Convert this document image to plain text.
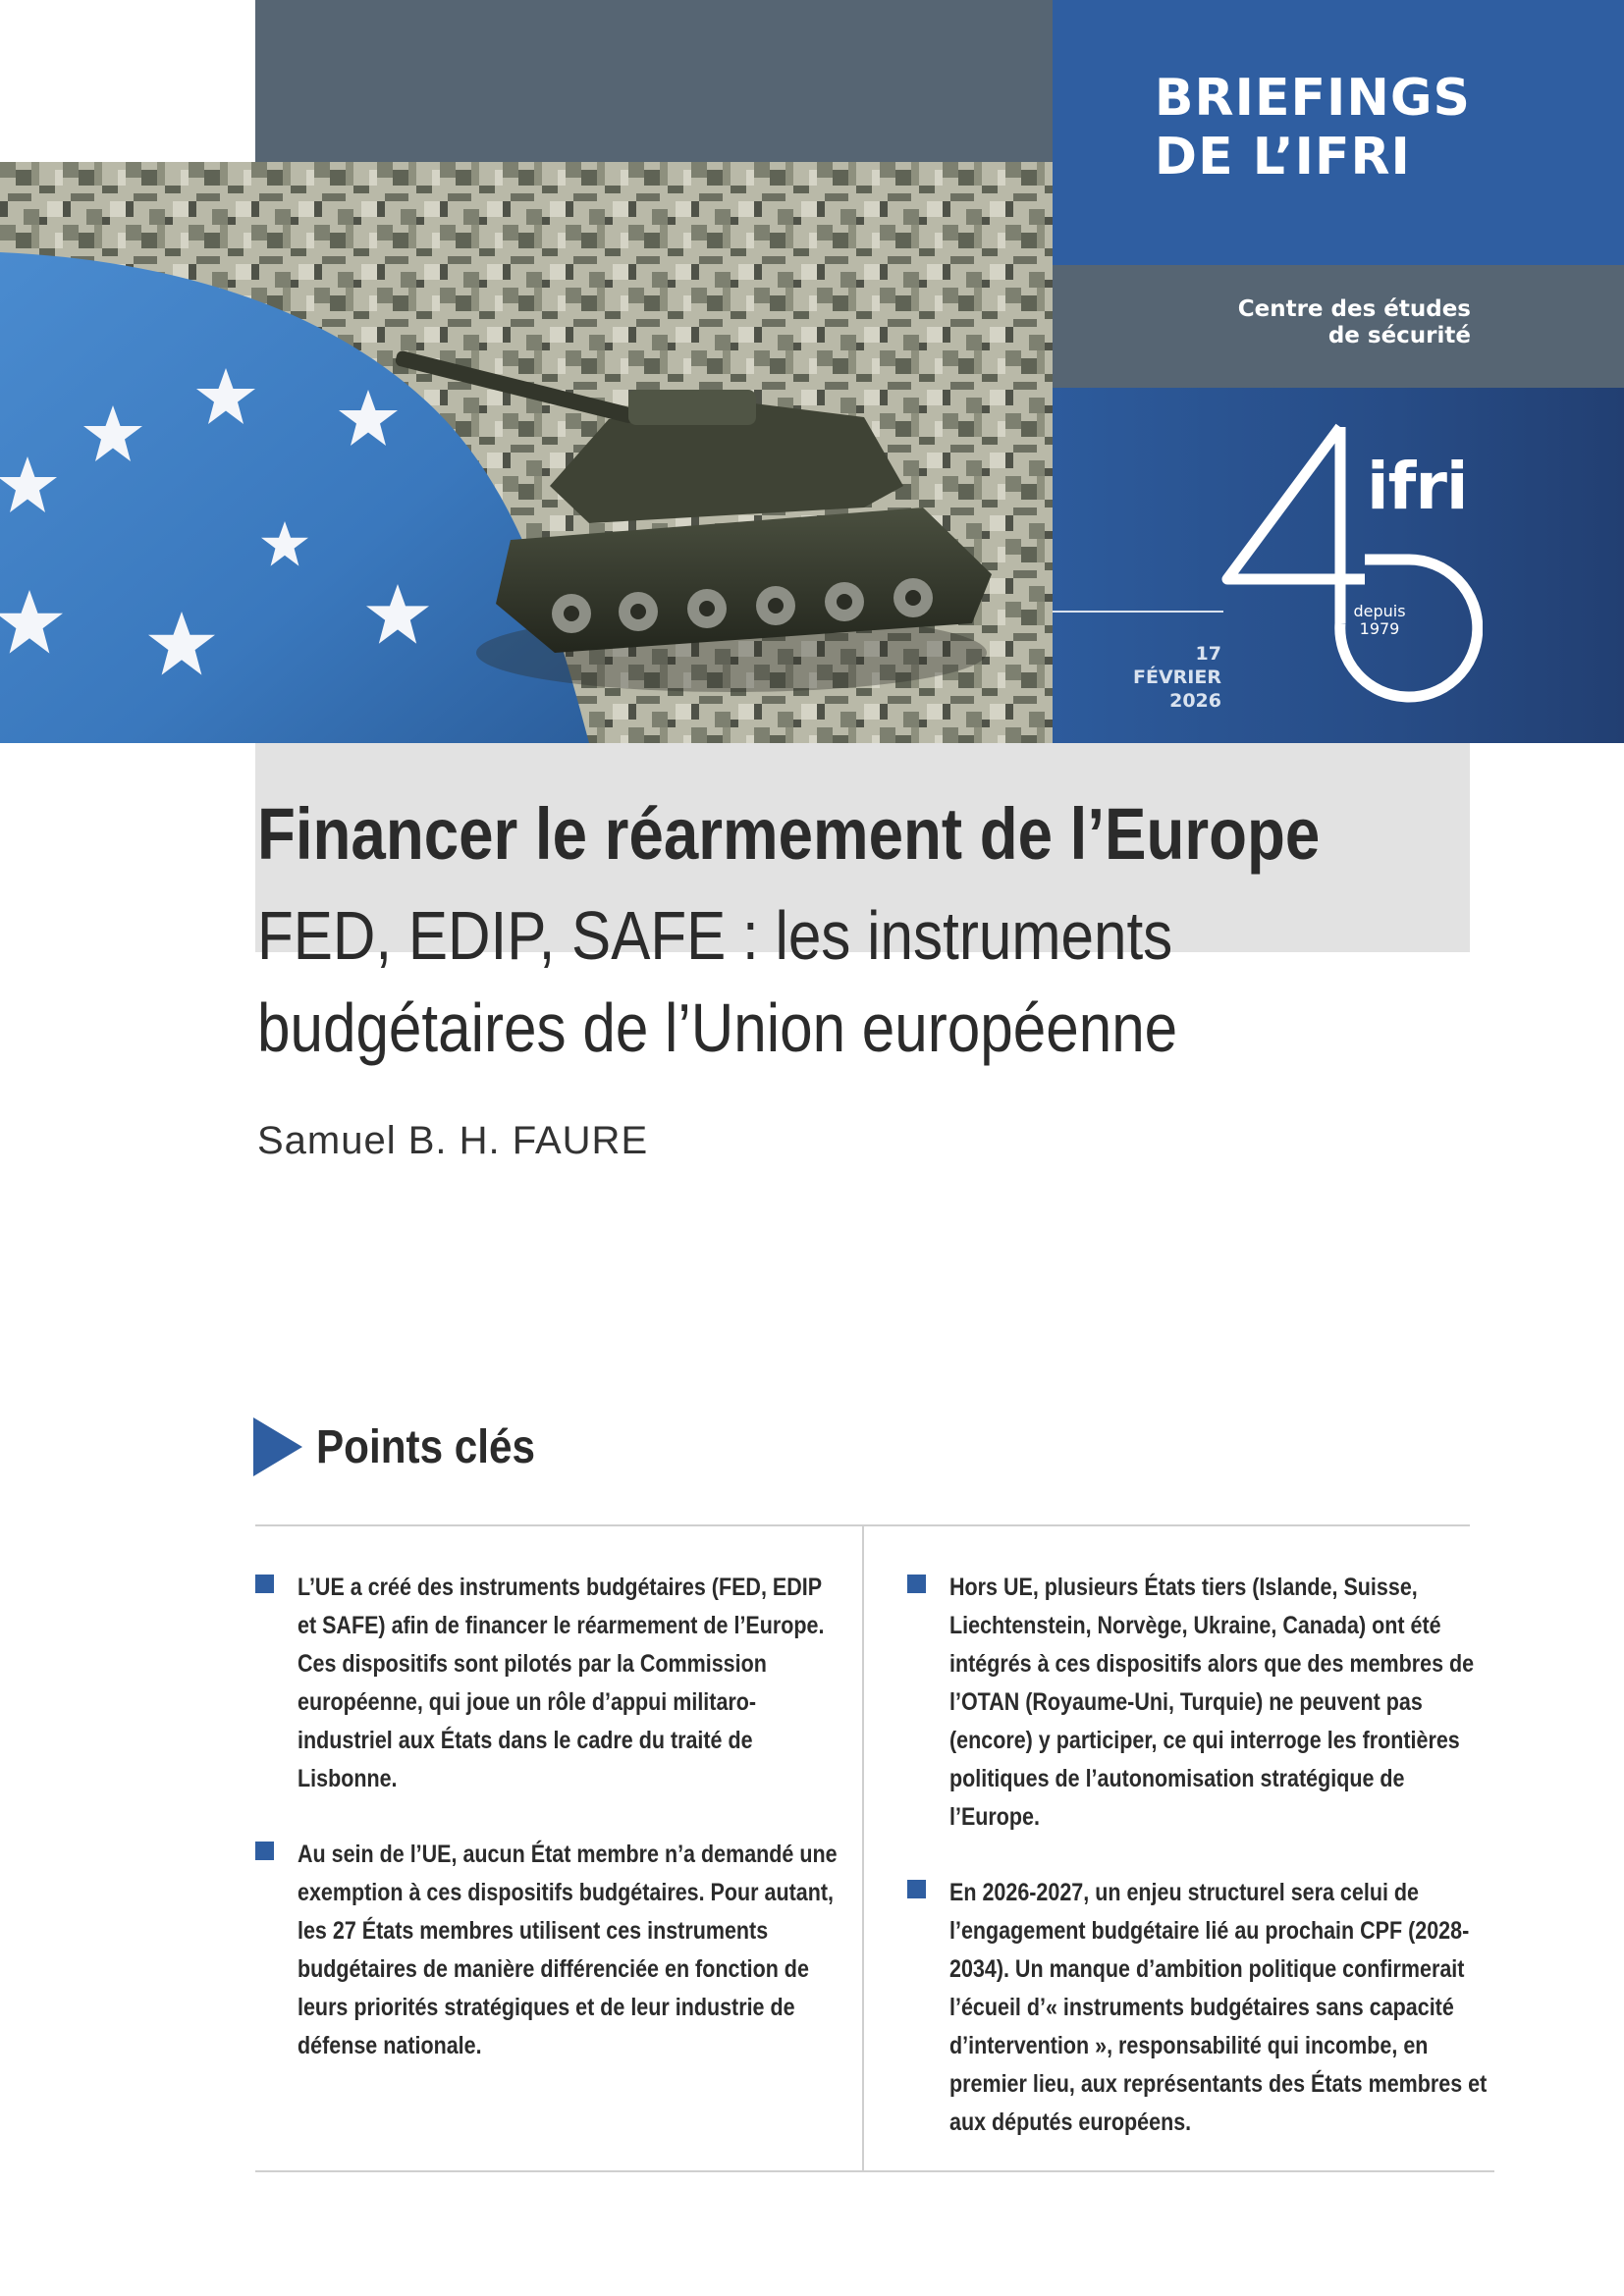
BRIEFINGS
DE L’IFRI
Centre des études
de sécurité
17
FÉVRIER
2026
ifri
depuis
1979
Financer le réarmement de l’Europe
FED, EDIP, SAFE : les instruments
budgétaires de l’Union européenne
Samuel B. H. FAURE
Points clés
L’UE a créé des instruments budgétaires (FED, EDIP et SAFE) afin de financer le réarmement de l’Europe. Ces dispositifs sont pilotés par la Commission européenne, qui joue un rôle d’appui militaro-industriel aux États dans le cadre du traité de Lisbonne.
Au sein de l’UE, aucun État membre n’a demandé une exemption à ces dispositifs budgétaires. Pour autant, les 27 États membres utilisent ces instruments budgétaires de manière différenciée en fonction de leurs priorités stratégiques et de leur industrie de défense nationale.
Hors UE, plusieurs États tiers (Islande, Suisse, Liechtenstein, Norvège, Ukraine, Canada) ont été intégrés à ces dispositifs alors que des membres de l’OTAN (Royaume-Uni, Turquie) ne peuvent pas (encore) y participer, ce qui interroge les frontières politiques de l’autonomisation stratégique de l’Europe.
En 2026-2027, un enjeu structurel sera celui de l’engagement budgétaire lié au prochain CPF (2028-2034). Un manque d’ambition politique confirmerait l’écueil d’« instruments budgétaires sans capacité d’intervention », responsabilité qui incombe, en premier lieu, aux représentants des États membres et aux députés européens.
